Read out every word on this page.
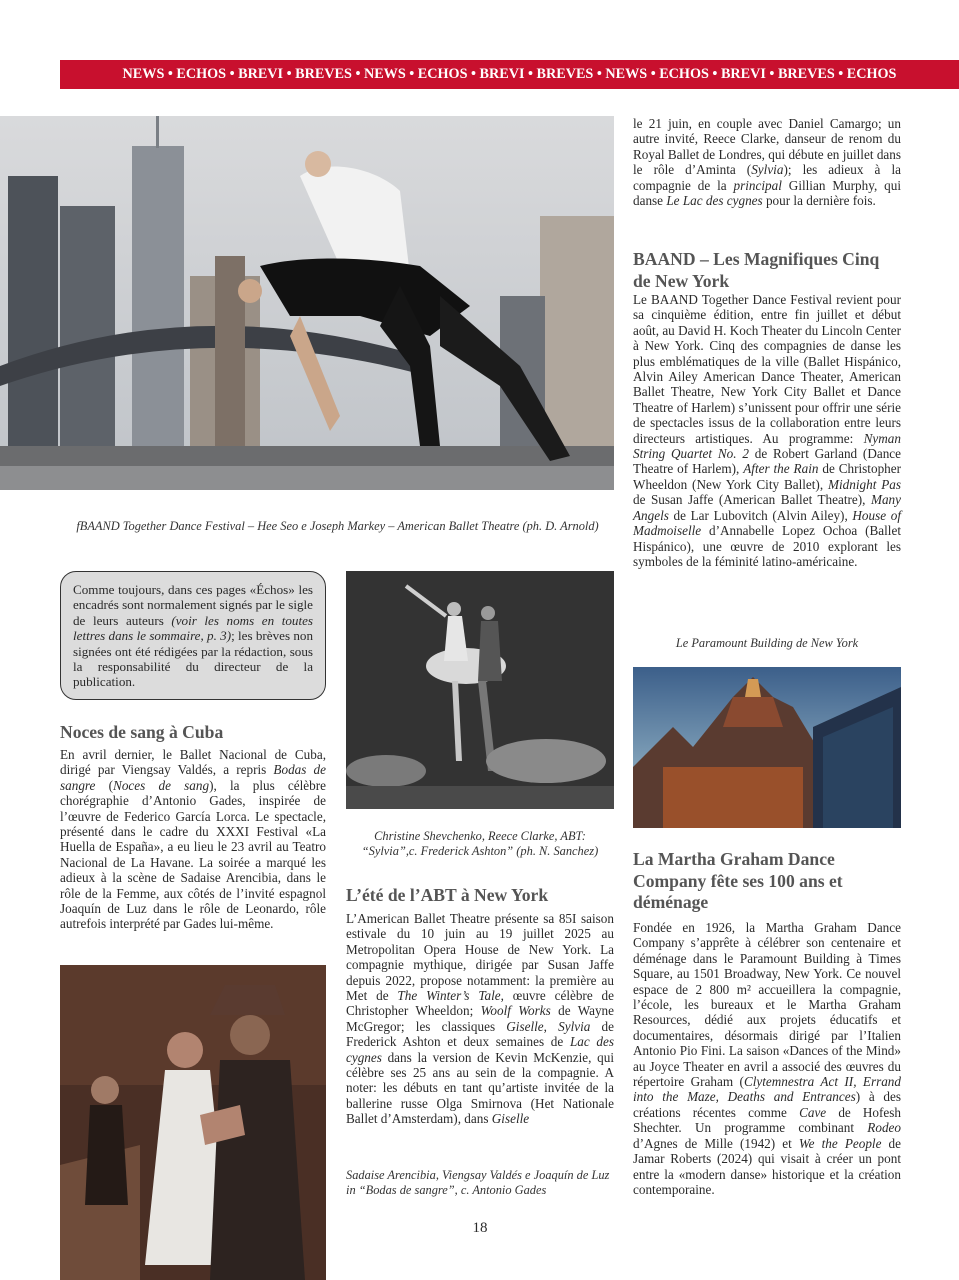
NEWS • ECHOS • BREVI • BREVES • NEWS • ECHOS • BREVI • BREVES • NEWS • ECHOS • BREVI • BREVES • ECHOS
fBAAND Together Dance Festival – Hee Seo e Joseph Markey – American Ballet Theatre (ph. D. Arnold)
Comme toujours, dans ces pages «Échos» les encadrés sont normalement signés par le sigle de leurs auteurs (voir les noms en toutes lettres dans le sommaire, p. 3); les brèves non signées ont été rédigées par la rédaction, sous la responsabilité du directeur de la publication.
Christine Shevchenko, Reece Clarke, ABT: “Sylvia”,c. Frederick Ashton” (ph. N. Sanchez)
Le Paramount Building de New York
Sadaise Arencibia, Viengsay Valdés e Joaquín de Luz in “Bodas de sangre”, c. Antonio Gades
Noces de sang à Cuba
En avril dernier, le Ballet Nacional de Cuba, dirigé par Viengsay Valdés, a repris Bodas de sangre (Noces de sang), la plus célèbre chorégraphie d’Antonio Gades, inspirée de l’œuvre de Federico García Lorca. Le spectacle, présenté dans le cadre du XXXI Festival «La Huella de España», a eu lieu le 23 avril au Teatro Nacional de La Havane. La soirée a marqué les adieux à la scène de Sadaise Arencibia, dans le rôle de la Femme, aux côtés de l’invité espagnol Joaquín de Luz dans le rôle de Leonardo, rôle autrefois interprété par Gades lui-même.
L’été de l’ABT à New York
L’American Ballet Theatre présente sa 85I saison estivale du 10 juin au 19 juillet 2025 au Metropolitan Opera House de New York. La compagnie mythique, dirigée par Susan Jaffe depuis 2022, propose notamment: la première au Met de The Winter’s Tale, œuvre célèbre de Christopher Wheeldon; Woolf Works de Wayne McGregor; les classiques Giselle, Sylvia de Frederick Ashton et deux semaines de Lac des cygnes dans la version de Kevin McKenzie, qui célèbre ses 25 ans au sein de la compagnie. A noter: les débuts en tant qu’artiste invitée de la ballerine russe Olga Smirnova (Het Nationale Ballet d’Amsterdam), dans Giselle
le 21 juin, en couple avec Daniel Camargo; un autre invité, Reece Clarke, danseur de renom du Royal Ballet de Londres, qui débute en juillet dans le rôle d’Aminta (Sylvia); les adieux à la compagnie de la principal Gillian Murphy, qui danse Le Lac des cygnes pour la dernière fois.
BAAND – Les Magnifiques Cinq de New York
Le BAAND Together Dance Festival revient pour sa cinquième édition, entre fin juillet et début août, au David H. Koch Theater du Lincoln Center à New York. Cinq des compagnies de danse les plus emblématiques de la ville (Ballet Hispánico, Alvin Ailey American Dance Theater, American Ballet Theatre, New York City Ballet et Dance Theatre of Harlem) s’unissent pour offrir une série de spectacles issus de la collaboration entre leurs directeurs artistiques. Au programme: Nyman String Quartet No. 2 de Robert Garland (Dance Theatre of Harlem), After the Rain de Christopher Wheeldon (New York City Ballet), Midnight Pas de Susan Jaffe (American Ballet Theatre), Many Angels de Lar Lubovitch (Alvin Ailey), House of Madmoiselle d’Annabelle Lopez Ochoa (Ballet Hispánico), une œuvre de 2010 explorant les symboles de la féminité latino-américaine.
La Martha Graham Dance Company fête ses 100 ans et déménage
Fondée en 1926, la Martha Graham Dance Company s’apprête à célébrer son centenaire et déménage dans le Paramount Building à Times Square, au 1501 Broadway, New York. Ce nouvel espace de 2 800 m² accueillera la compagnie, l’école, les bureaux et le Martha Graham Resources, dédié aux projets éducatifs et documentaires, désormais dirigé par l’Italien Antonio Pio Fini. La saison «Dances of the Mind» au Joyce Theater en avril a associé des œuvres du répertoire Graham (Clytemnestra Act II, Errand into the Maze, Deaths and Entrances) à des créations récentes comme Cave de Hofesh Shechter. Un programme combinant Rodeo d’Agnes de Mille (1942) et We the People de Jamar Roberts (2024) qui visait à créer un pont entre la «modern danse» historique et la création contemporaine.
18
